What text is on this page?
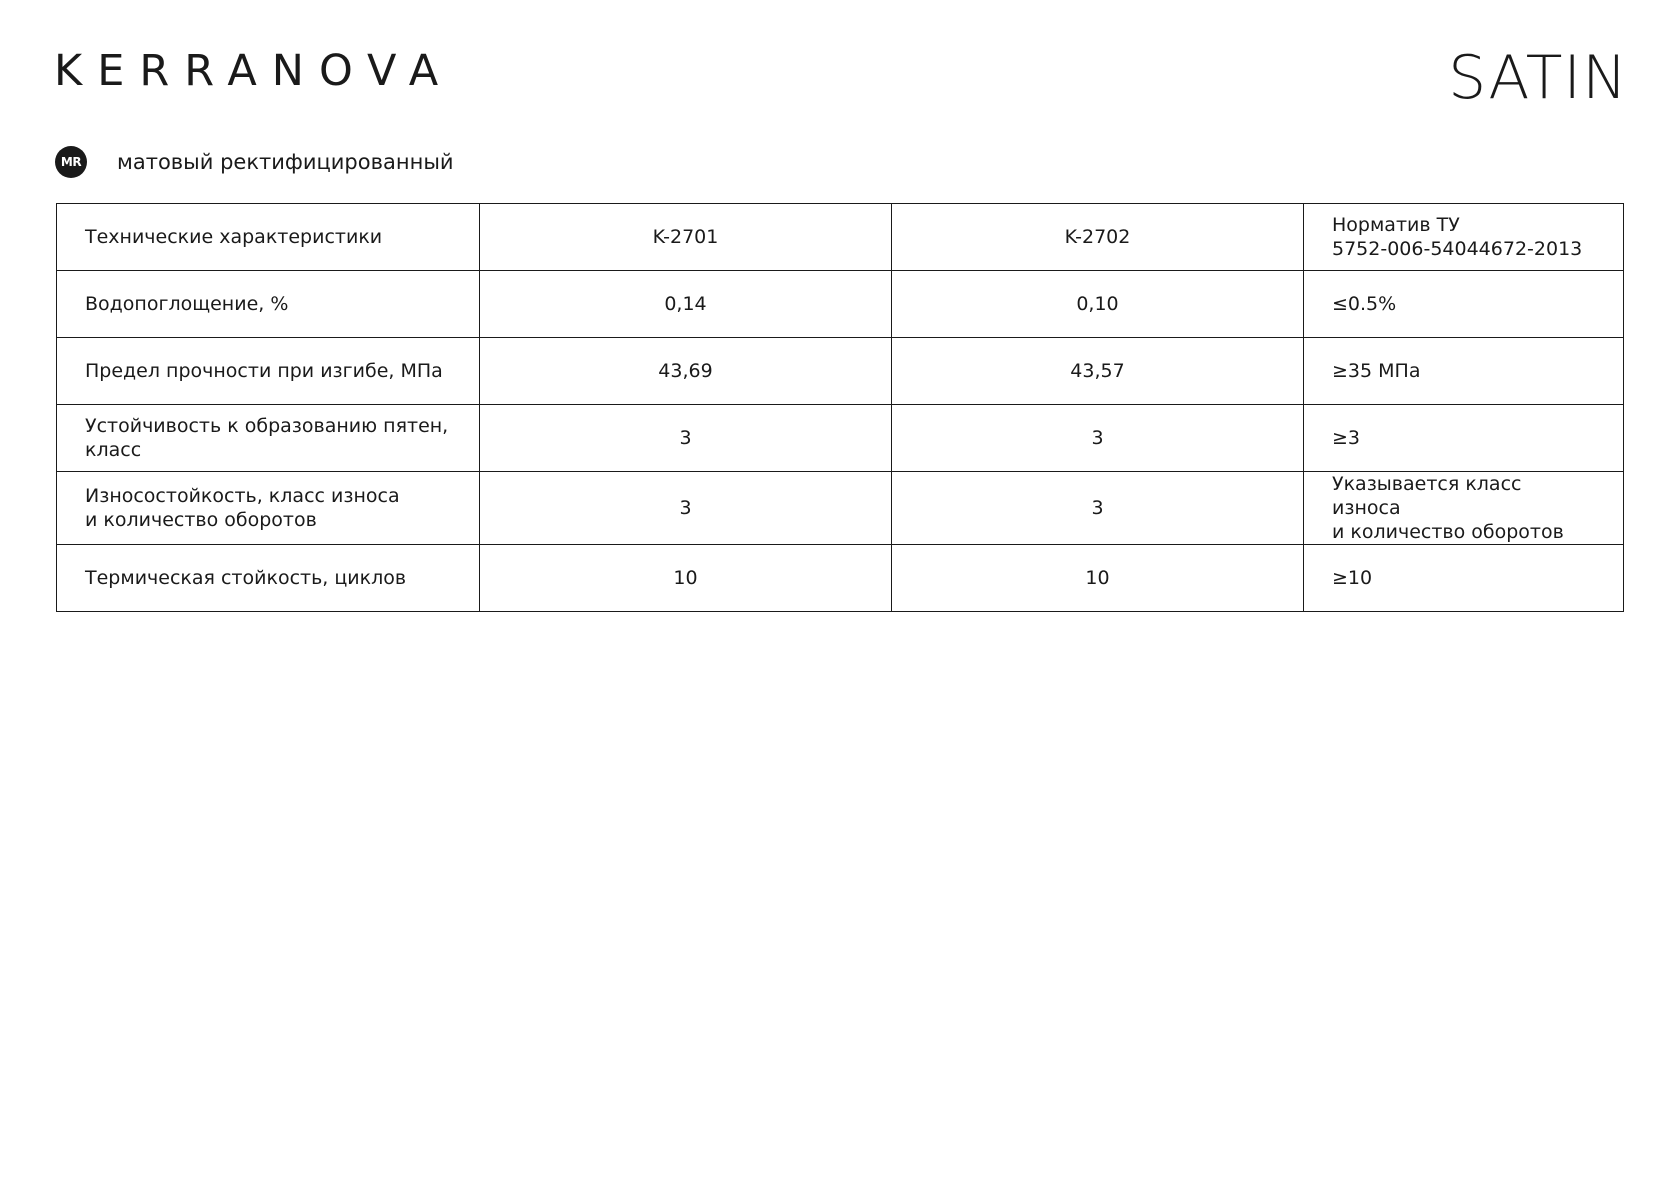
KERRANOVA	SATIN
MR матовый ректифицированный
Технические характеристики	K-2701	K-2702	Норматив ТУ
5752-006-54044672-2013

Водопоглощение, %	0,14	0,10	≤0.5%

Предел прочности при изгибе, МПа	43,69	43,57	≥35 МПа

Устойчивость к образованию пятен,
класс	3	3	≥3

Износостойкость, класс износа
и количество оборотов	3	3	Указывается класс износа
и количество оборотов

Термическая стойкость, циклов	10	10	≥10
